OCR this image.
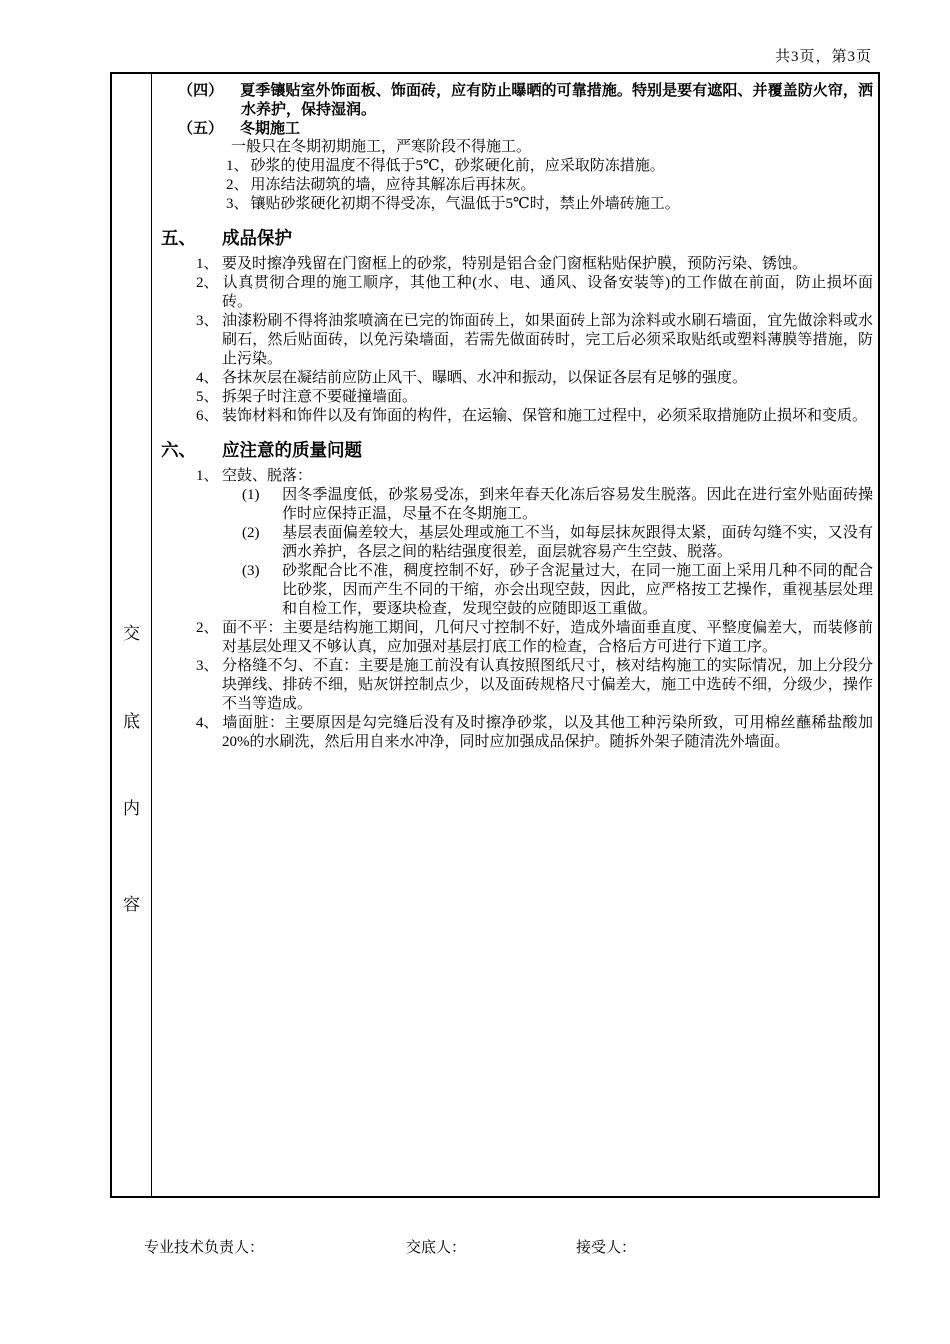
共3页，第3页
交
底
内
容
（四） 夏季镶贴室外饰面板、饰面砖，应有防止曝晒的可靠措施。特别是要有遮阳、并覆盖防火帘，洒水养护，保持湿润。
（五） 冬期施工
一般只在冬期初期施工，严寒阶段不得施工。
1、 砂浆的使用温度不得低于5℃，砂浆硬化前，应采取防冻措施。
2、 用冻结法砌筑的墙，应待其解冻后再抹灰。
3、 镶贴砂浆硬化初期不得受冻，气温低于5℃时，禁止外墙砖施工。
五、 成品保护
1、 要及时擦净残留在门窗框上的砂浆，特别是铝合金门窗框粘贴保护膜，预防污染、锈蚀。
2、 认真贯彻合理的施工顺序，其他工种(水、电、通风、设备安装等)的工作做在前面，防止损坏面砖。
3、 油漆粉刷不得将油浆喷滴在已完的饰面砖上，如果面砖上部为涂料或水刷石墙面，宜先做涂料或水刷石，然后贴面砖，以免污染墙面，若需先做面砖时，完工后必须采取贴纸或塑料薄膜等措施，防止污染。
4、 各抹灰层在凝结前应防止风干、曝晒、水冲和振动，以保证各层有足够的强度。
5、 拆架子时注意不要碰撞墙面。
6、 装饰材料和饰件以及有饰面的构件，在运输、保管和施工过程中，必须采取措施防止损坏和变质。
六、 应注意的质量问题
1、 空鼓、脱落：
(1) 因冬季温度低，砂浆易受冻，到来年春天化冻后容易发生脱落。因此在进行室外贴面砖操作时应保持正温，尽量不在冬期施工。
(2) 基层表面偏差较大，基层处理或施工不当，如每层抹灰跟得太紧，面砖勾缝不实，又没有洒水养护，各层之间的粘结强度很差，面层就容易产生空鼓、脱落。
(3) 砂浆配合比不准，稠度控制不好，砂子含泥量过大，在同一施工面上采用几种不同的配合比砂浆，因而产生不同的干缩，亦会出现空鼓，因此，应严格按工艺操作，重视基层处理和自检工作，要逐块检查，发现空鼓的应随即返工重做。
2、 面不平：主要是结构施工期间，几何尺寸控制不好，造成外墙面垂直度、平整度偏差大，而装修前对基层处理又不够认真，应加强对基层打底工作的检查，合格后方可进行下道工序。
3、 分格缝不匀、不直：主要是施工前没有认真按照图纸尺寸，核对结构施工的实际情况，加上分段分块弹线、排砖不细，贴灰饼控制点少，以及面砖规格尺寸偏差大，施工中选砖不细，分级少，操作不当等造成。
4、 墙面脏：主要原因是勾完缝后没有及时擦净砂浆，以及其他工种污染所致，可用棉丝蘸稀盐酸加20%的水刷洗，然后用自来水冲净，同时应加强成品保护。随拆外架子随清洗外墙面。
专业技术负责人：	交底人：	接受人：
